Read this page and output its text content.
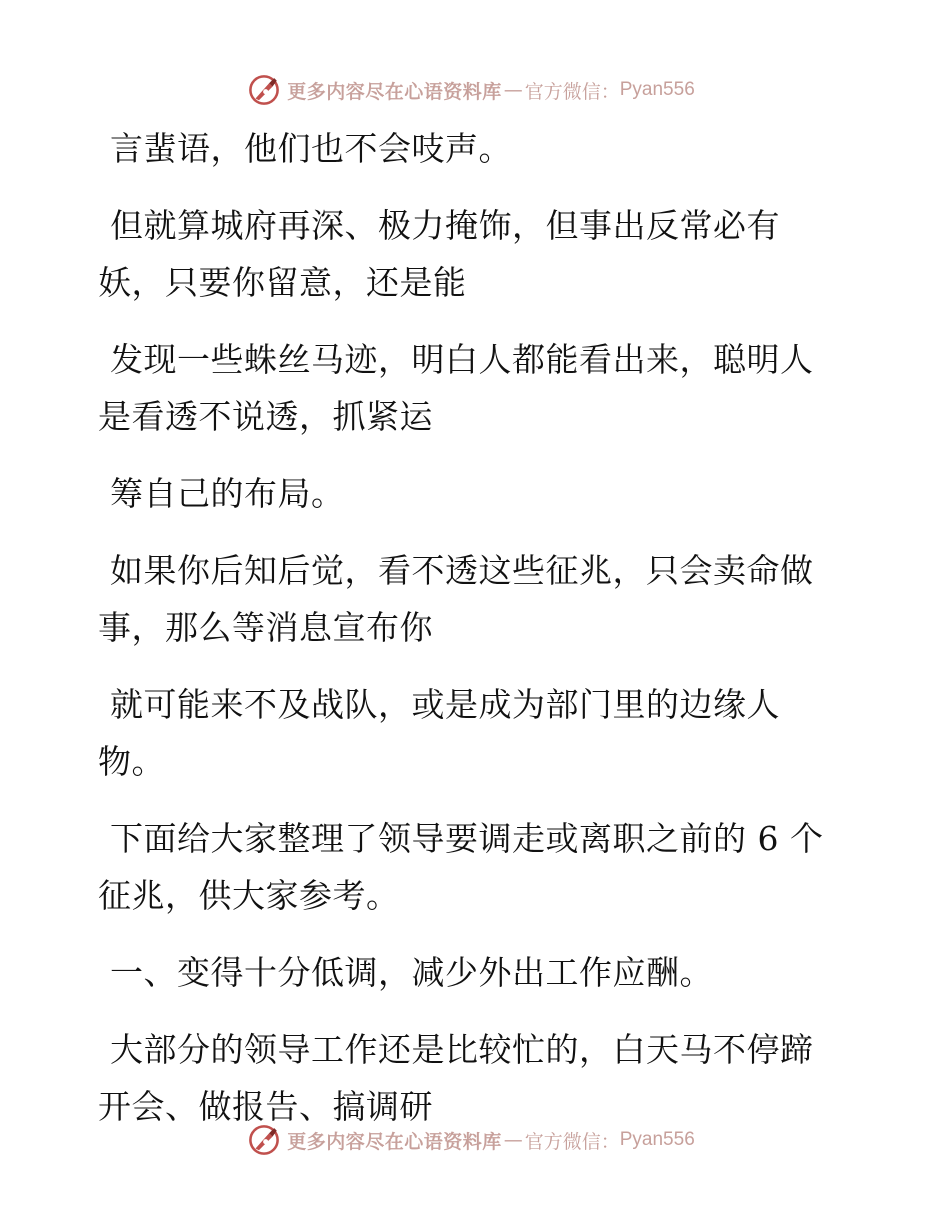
更多内容尽在心语资料库 — 官方微信： Pyan556
言蜚语，他们也不会吱声。
但就算城府再深、极力掩饰，但事出反常必有
妖，只要你留意，还是能
发现一些蛛丝马迹，明白人都能看出来，聪明人
是看透不说透，抓紧运
筹自己的布局。
如果你后知后觉，看不透这些征兆，只会卖命做
事，那么等消息宣布你
就可能来不及战队，或是成为部门里的边缘人
物。
下面给大家整理了领导要调走或离职之前的 6 个
征兆，供大家参考。
一、变得十分低调，减少外出工作应酬。
大部分的领导工作还是比较忙的，白天马不停蹄
开会、做报告、搞调研
更多内容尽在心语资料库 — 官方微信： Pyan556
